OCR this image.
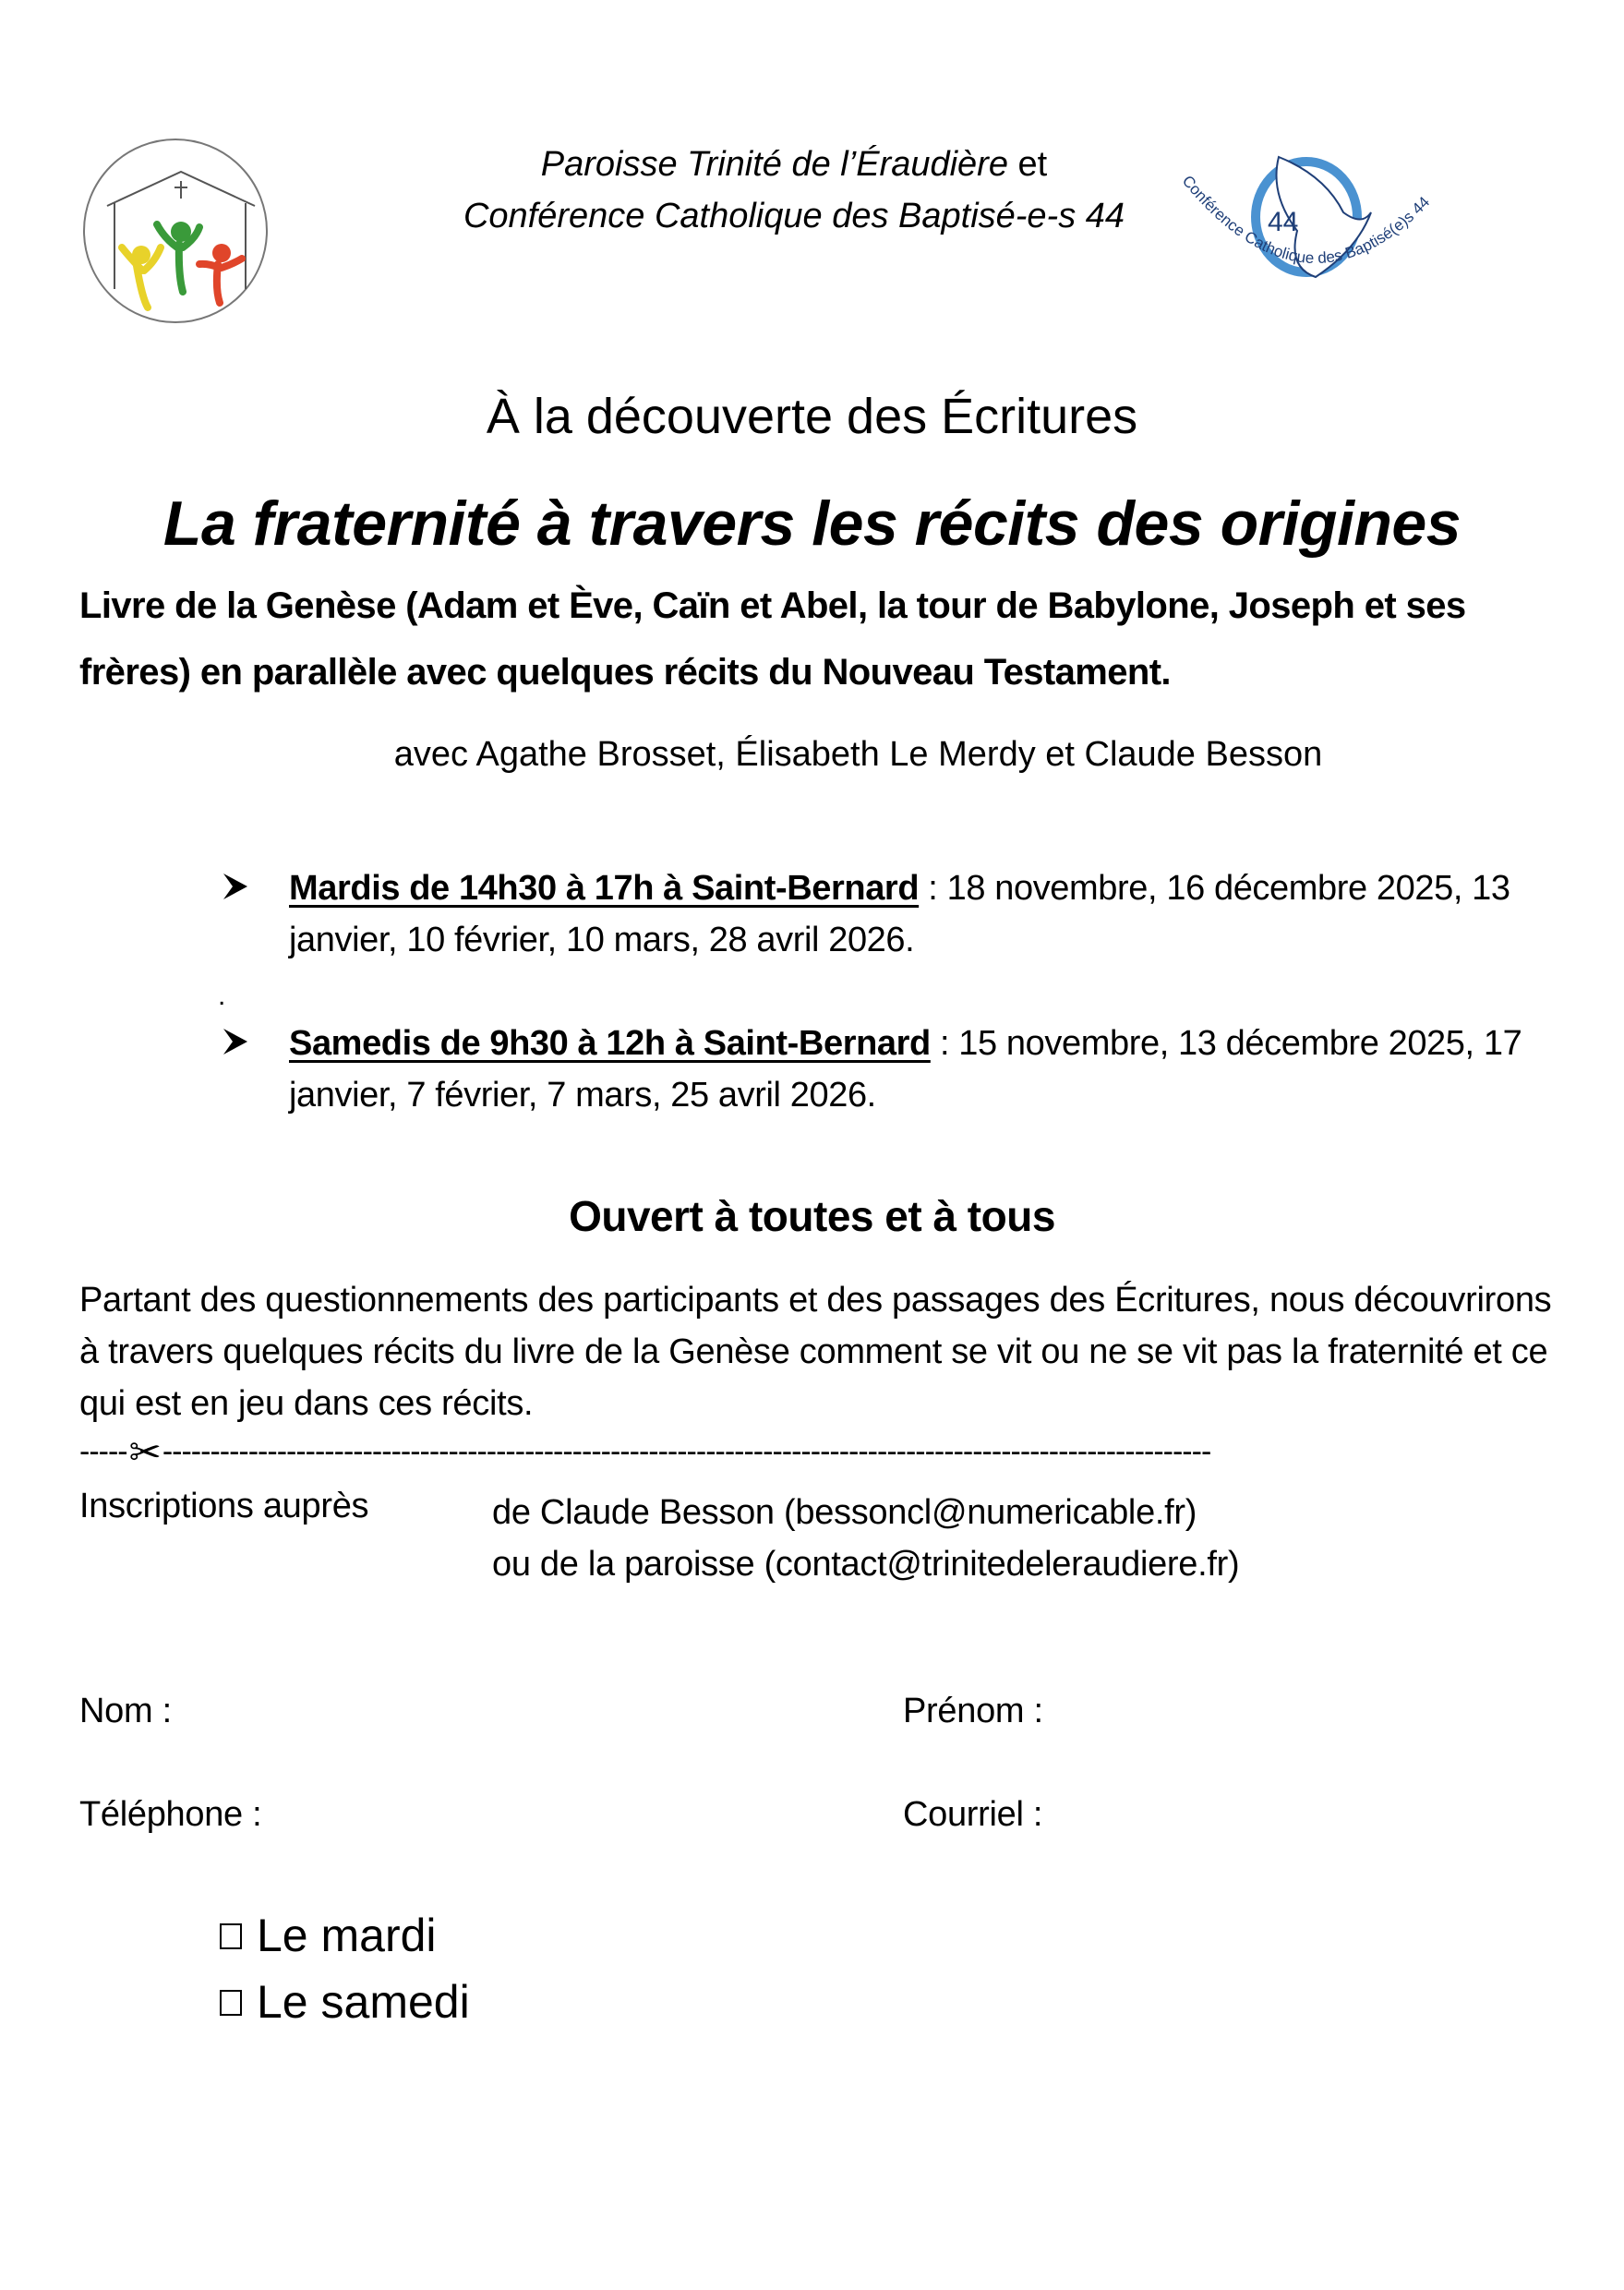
Paroisse Trinité de l’Éraudière et
Conférence Catholique des Baptisé-e-s 44	44
Conférence Catholique des Baptisé(e)s 44
À la découverte des Écritures
La fraternité à travers les récits des origines
Livre de la Genèse (Adam et Ève, Caïn et Abel, la tour de Babylone, Joseph et ses frères) en parallèle avec quelques récits du Nouveau Testament.
avec Agathe Brosset, Élisabeth Le Merdy et Claude Besson
Mardis de 14h30 à 17h à Saint-Bernard : 18 novembre, 16 décembre 2025, 13 janvier, 10 février, 10 mars, 28 avril 2026.
.
Samedis de 9h30 à 12h à Saint-Bernard : 15 novembre, 13 décembre 2025, 17 janvier, 7 février, 7 mars, 25 avril 2026.
Ouvert à toutes et à tous
Partant des questionnements des participants et des passages des Écritures, nous découvrirons à travers quelques récits du livre de la Genèse comment se vit ou ne se vit pas la fraternité et ce qui est en jeu dans ces récits.
----- ✂ --------------------------------------------------------------------------------------------------------------
Inscriptions auprès	de Claude Besson (bessoncl@numericable.fr)
ou de la paroisse (contact@trinitedeleraudiere.fr)
Nom :	Prénom :
Téléphone :	Courriel :
Le mardi
Le samedi
